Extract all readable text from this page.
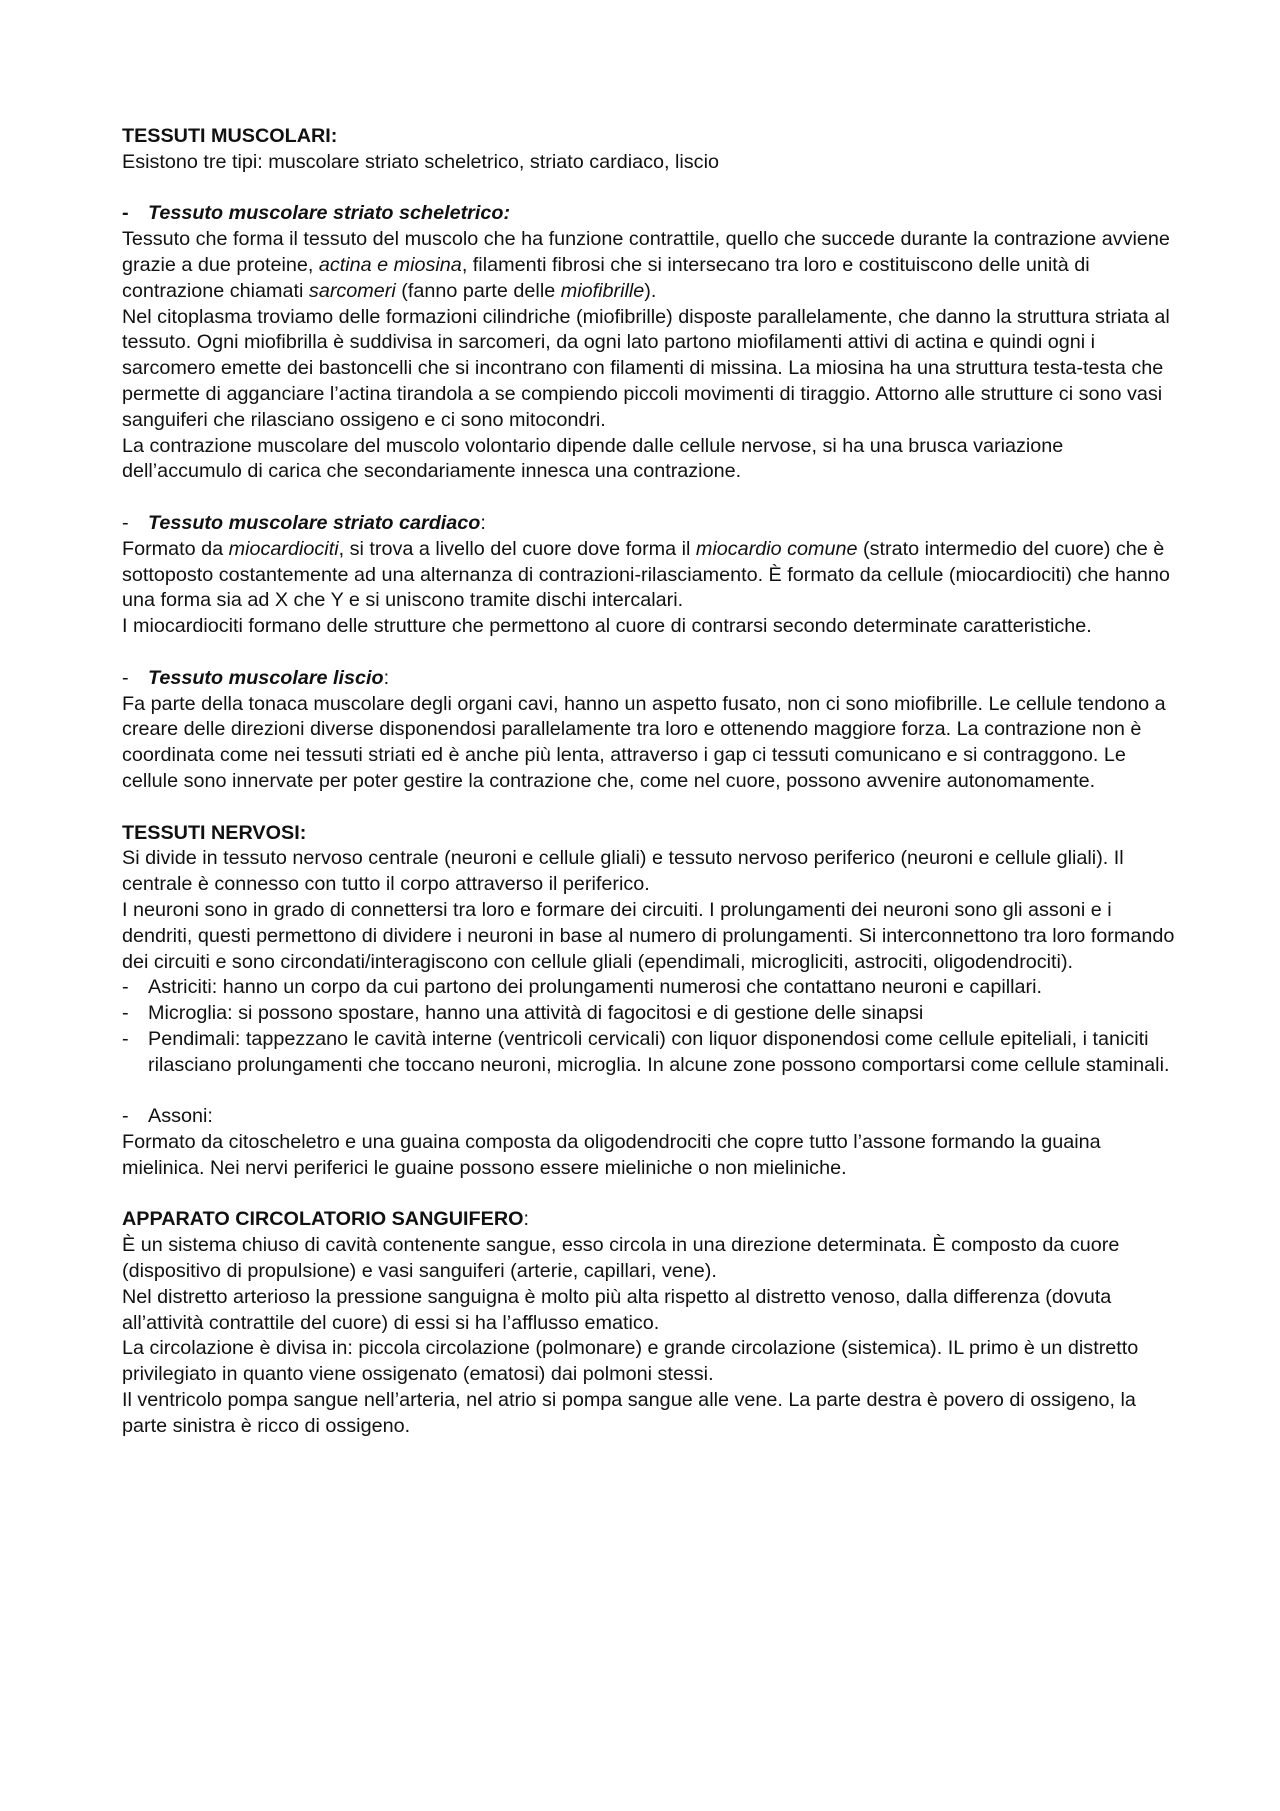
TESSUTI MUSCOLARI:

Esistono tre tipi: muscolare striato scheletrico, striato cardiaco, liscio

- Tessuto muscolare striato scheletrico:

Tessuto che forma il tessuto del muscolo che ha funzione contrattile, quello che succede durante la contrazione avviene grazie a due proteine, actina e miosina, filamenti fibrosi che si intersecano tra loro e costituiscono delle unità di contrazione chiamati sarcomeri (fanno parte delle miofibrille).

Nel citoplasma troviamo delle formazioni cilindriche (miofibrille) disposte parallelamente, che danno la struttura striata al tessuto. Ogni miofibrilla è suddivisa in sarcomeri, da ogni lato partono miofilamenti attivi di actina e quindi ogni i sarcomero emette dei bastoncelli che si incontrano con filamenti di missina. La miosina ha una struttura testa-testa che permette di agganciare l’actina tirandola a se compiendo piccoli movimenti di tiraggio. Attorno alle strutture ci sono vasi sanguiferi che rilasciano ossigeno e ci sono mitocondri.

La contrazione muscolare del muscolo volontario dipende dalle cellule nervose, si ha una brusca variazione dell’accumulo di carica che secondariamente innesca una contrazione.

- Tessuto muscolare striato cardiaco:

Formato da miocardiociti, si trova a livello del cuore dove forma il miocardio comune (strato intermedio del cuore) che è sottoposto costantemente ad una alternanza di contrazioni-rilasciamento. È formato da cellule (miocardiociti) che hanno una forma sia ad X che Y e si uniscono tramite dischi intercalari.

I miocardiociti formano delle strutture che permettono al cuore di contrarsi secondo determinate caratteristiche.

- Tessuto muscolare liscio:

Fa parte della tonaca muscolare degli organi cavi, hanno un aspetto fusato, non ci sono miofibrille. Le cellule tendono a creare delle direzioni diverse disponendosi parallelamente tra loro e ottenendo maggiore forza. La contrazione non è coordinata come nei tessuti striati ed è anche più lenta, attraverso i gap ci tessuti comunicano e si contraggono. Le cellule sono innervate per poter gestire la contrazione che, come nel cuore, possono avvenire autonomamente.

TESSUTI NERVOSI:

Si divide in tessuto nervoso centrale (neuroni e cellule gliali) e tessuto nervoso periferico (neuroni e cellule gliali). Il centrale è connesso con tutto il corpo attraverso il periferico.

I neuroni sono in grado di connettersi tra loro e formare dei circuiti. I prolungamenti dei neuroni sono gli assoni e i dendriti, questi permettono di dividere i neuroni in base al numero di prolungamenti. Si interconnettono tra loro formando dei circuiti e sono circondati/interagiscono con cellule gliali (ependimali, microgliciti, astrociti, oligodendrociti).

- Astriciti: hanno un corpo da cui partono dei prolungamenti numerosi che contattano neuroni e capillari.

- Microglia: si possono spostare, hanno una attività di fagocitosi e di gestione delle sinapsi

- Pendimali: tappezzano le cavità interne (ventricoli cervicali) con liquor disponendosi come cellule epiteliali, i taniciti rilasciano prolungamenti che toccano neuroni, microglia. In alcune zone possono comportarsi come cellule staminali.

- Assoni:

Formato da citoscheletro e una guaina composta da oligodendrociti che copre tutto l’assone formando la guaina mielinica. Nei nervi periferici le guaine possono essere mieliniche o non mieliniche.

APPARATO CIRCOLATORIO SANGUIFERO:

È un sistema chiuso di cavità contenente sangue, esso circola in una direzione determinata. È composto da cuore (dispositivo di propulsione) e vasi sanguiferi (arterie, capillari, vene).

Nel distretto arterioso la pressione sanguigna è molto più alta rispetto al distretto venoso, dalla differenza (dovuta all’attività contrattile del cuore) di essi si ha l’afflusso ematico.

La circolazione è divisa in: piccola circolazione (polmonare) e grande circolazione (sistemica). IL primo è un distretto privilegiato in quanto viene ossigenato (ematosi) dai polmoni stessi.

Il ventricolo pompa sangue nell’arteria, nel atrio si pompa sangue alle vene. La parte destra è povero di ossigeno, la parte sinistra è ricco di ossigeno.
